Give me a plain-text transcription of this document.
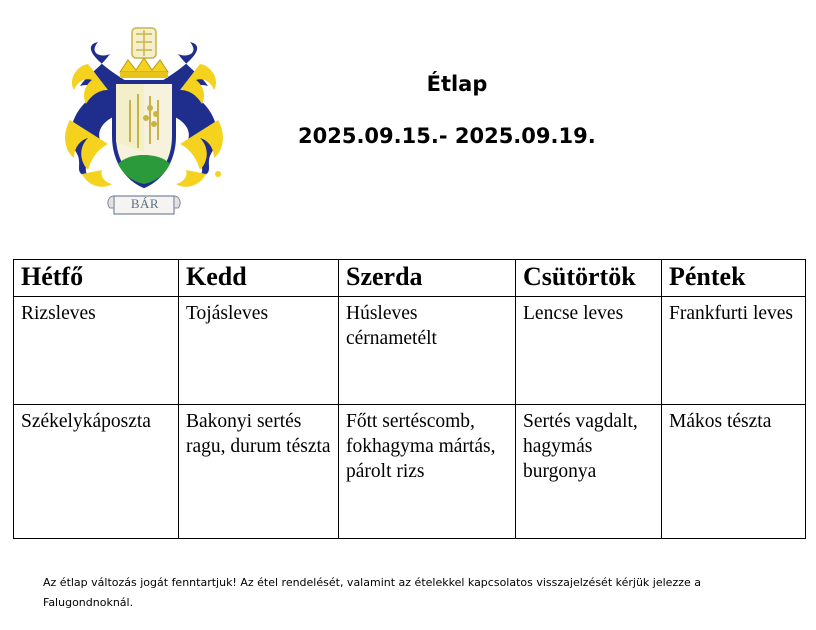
BÁR
Étlap
2025.09.15.- 2025.09.19.
Hétfő	Kedd	Szerda	Csütörtök	Péntek
Rizsleves	Tojásleves	Húsleves cérnametélt	Lencse leves	Frankfurti leves
Székelykáposzta	Bakonyi sertés ragu, durum tészta	Főtt sertéscomb, fokhagyma mártás, párolt rizs	Sertés vagdalt, hagymás burgonya	Mákos tészta
Az étlap változás jogát fenntartjuk! Az étel rendelését, valamint az ételekkel kapcsolatos visszajelzését kérjük jelezze a Falugondnoknál.
